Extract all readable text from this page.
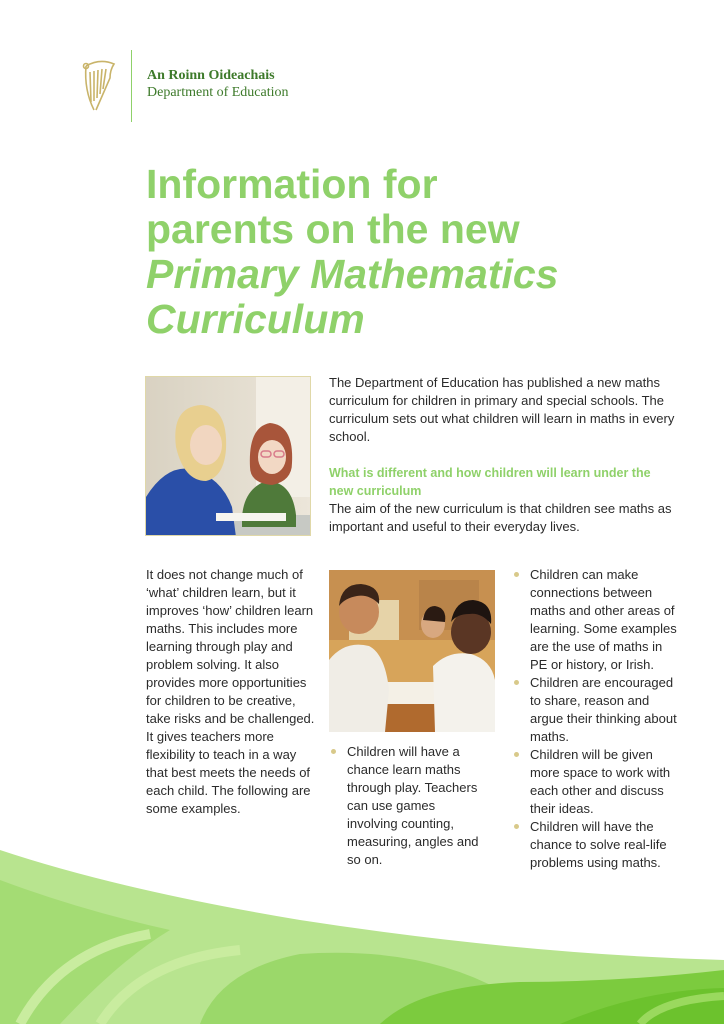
An Roinn Oideachais
Department of Education
Information for
parents on the new
Primary Mathematics
Curriculum

The Department of Education has published a new maths curriculum for children in primary and special schools. The curriculum sets out what children will learn in maths in every school.

What is different and how children will learn under the new curriculum

The aim of the new curriculum is that children see maths as important and useful to their everyday lives.

It does not change much of ‘what’ children learn, but it improves ‘how’ children learn maths. This includes more learning through play and problem solving. It also provides more opportunities for children to be creative, take risks and be challenged. It gives teachers more flexibility to teach in a way that best meets the needs of each child. The following are some examples.

Children will have a chance learn maths through play. Teachers can use games involving counting, measuring, angles and so on.
Children can make connections between maths and other areas of learning. Some examples are the use of maths in PE or history, or Irish.
Children are encouraged to share, reason and argue their thinking about maths.
Children will be given more space to work with each other and discuss their ideas.
Children will have the chance to solve real-life problems using maths.
